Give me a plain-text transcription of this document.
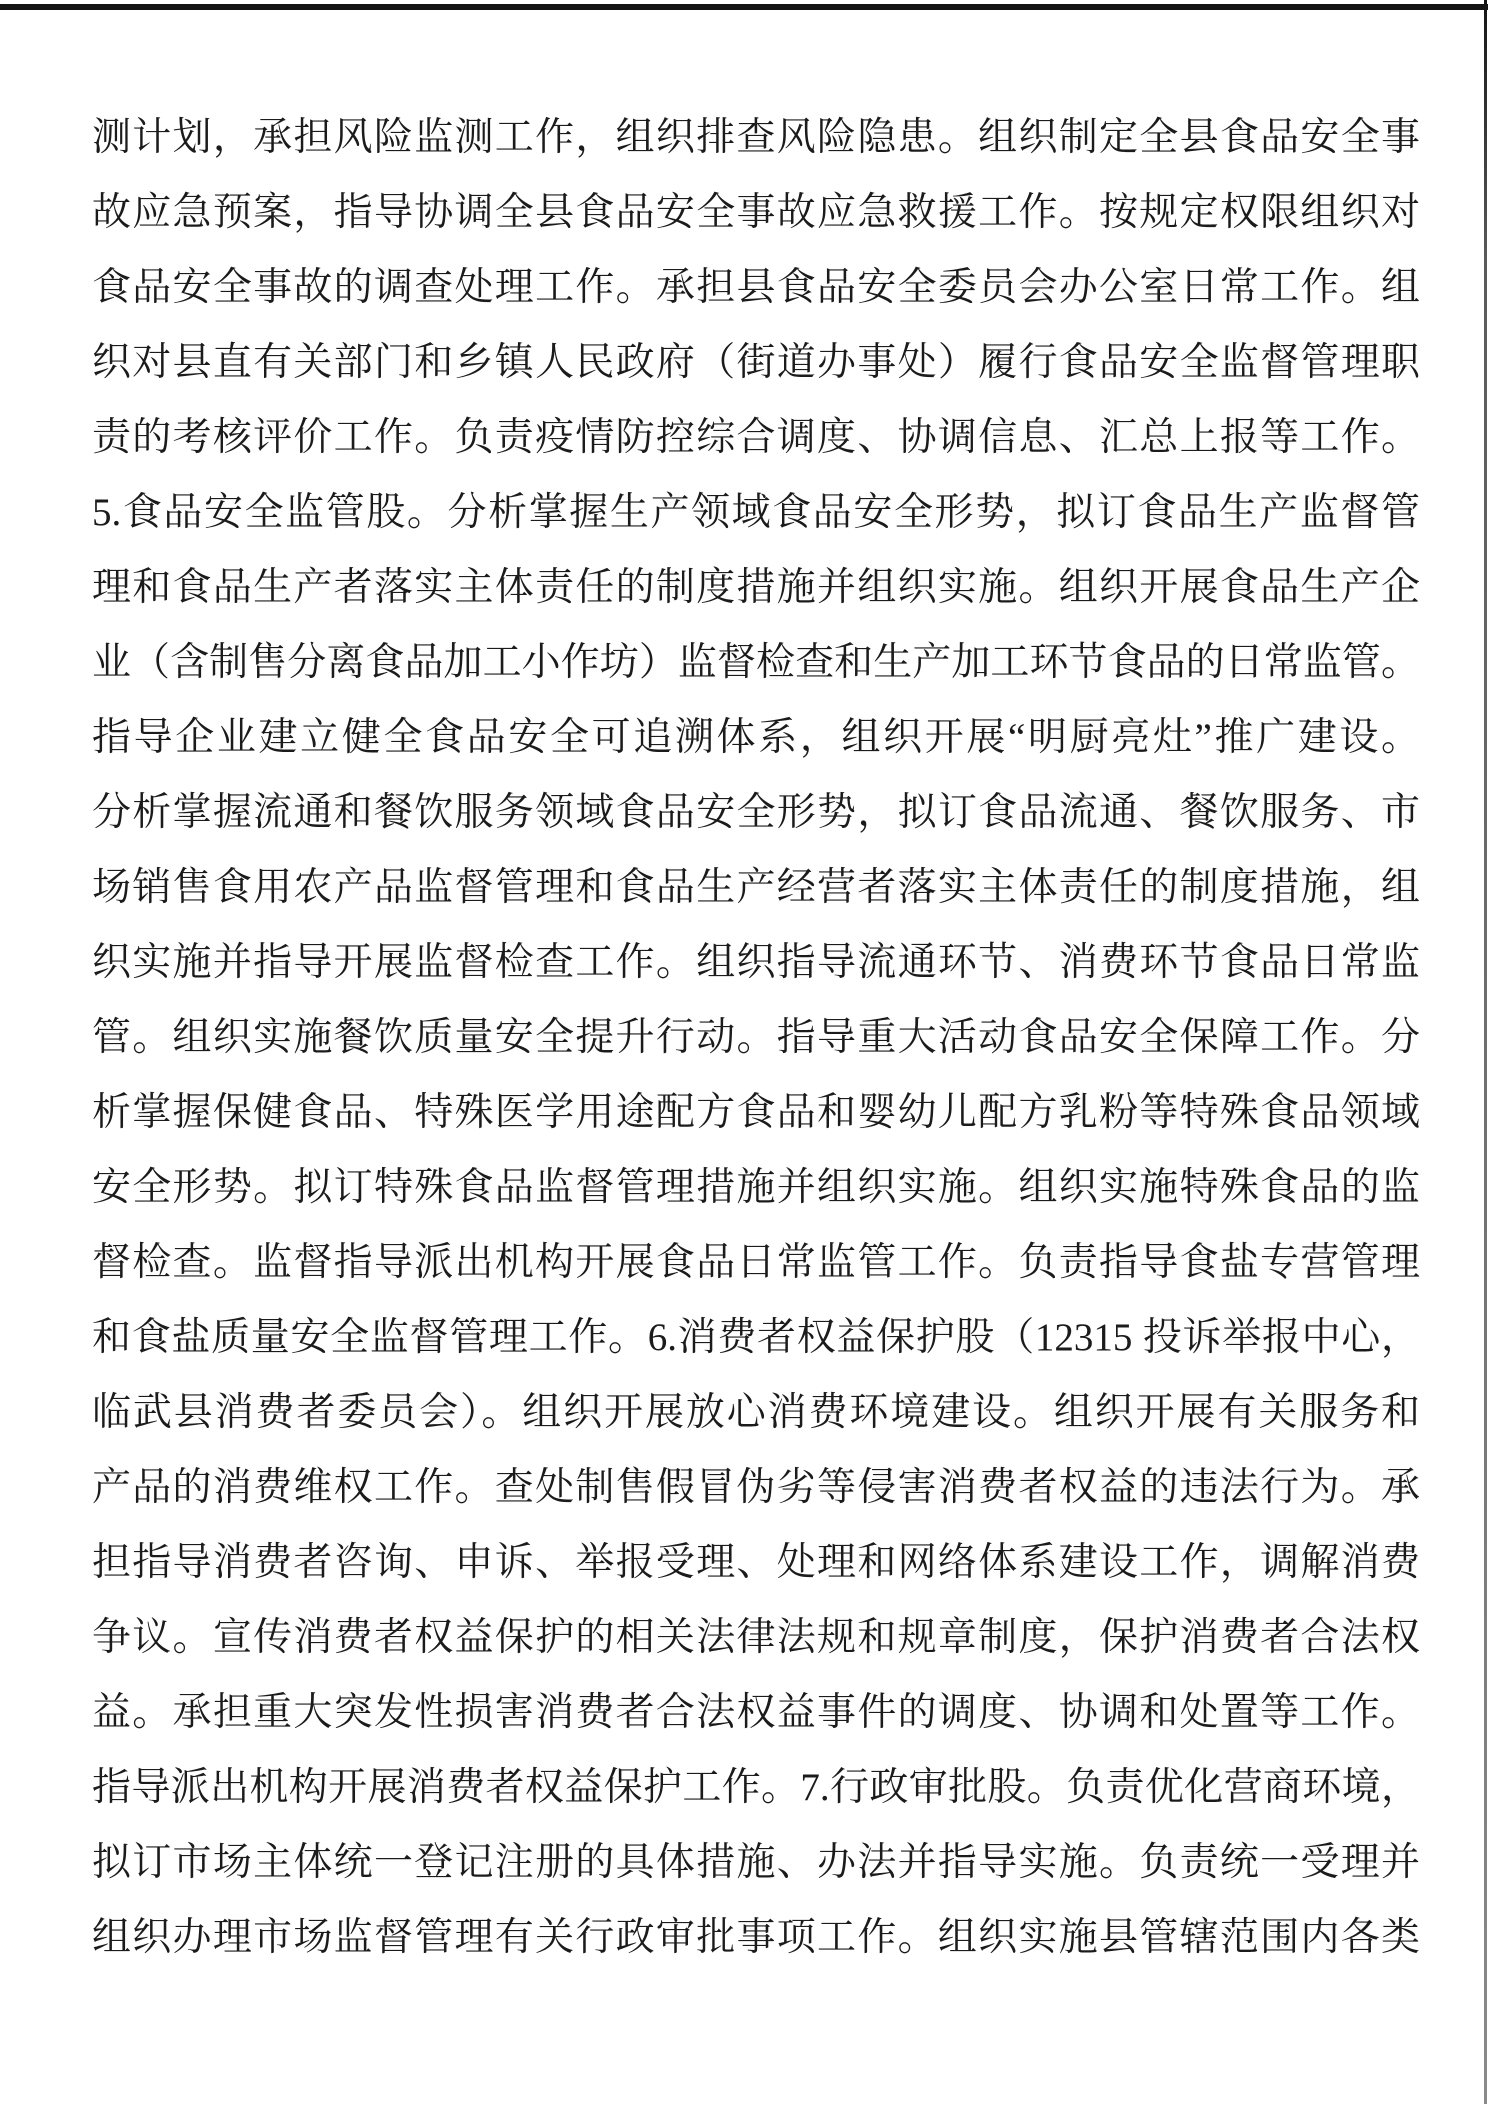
测计划，承担风险监测工作，组织排查风险隐患。组织制定全县食品安全事
故应急预案，指导协调全县食品安全事故应急救援工作。按规定权限组织对
食品安全事故的调查处理工作。承担县食品安全委员会办公室日常工作。组
织对县直有关部门和乡镇人民政府（街道办事处）履行食品安全监督管理职
责的考核评价工作。负责疫情防控综合调度、协调信息、汇总上报等工作。
5.食品安全监管股。分析掌握生产领域食品安全形势，拟订食品生产监督管
理和食品生产者落实主体责任的制度措施并组织实施。组织开展食品生产企
业（含制售分离食品加工小作坊）监督检查和生产加工环节食品的日常监管。
指导企业建立健全食品安全可追溯体系，组织开展“明厨亮灶”推广建设。
分析掌握流通和餐饮服务领域食品安全形势，拟订食品流通、餐饮服务、市
场销售食用农产品监督管理和食品生产经营者落实主体责任的制度措施，组
织实施并指导开展监督检查工作。组织指导流通环节、消费环节食品日常监
管。组织实施餐饮质量安全提升行动。指导重大活动食品安全保障工作。分
析掌握保健食品、特殊医学用途配方食品和婴幼儿配方乳粉等特殊食品领域
安全形势。拟订特殊食品监督管理措施并组织实施。组织实施特殊食品的监
督检查。监督指导派出机构开展食品日常监管工作。负责指导食盐专营管理
和食盐质量安全监督管理工作。6.消费者权益保护股（12315 投诉举报中心，
临武县消费者委员会）。组织开展放心消费环境建设。组织开展有关服务和
产品的消费维权工作。查处制售假冒伪劣等侵害消费者权益的违法行为。承
担指导消费者咨询、申诉、举报受理、处理和网络体系建设工作，调解消费
争议。宣传消费者权益保护的相关法律法规和规章制度，保护消费者合法权
益。承担重大突发性损害消费者合法权益事件的调度、协调和处置等工作。
指导派出机构开展消费者权益保护工作。7.行政审批股。负责优化营商环境，
拟订市场主体统一登记注册的具体措施、办法并指导实施。负责统一受理并
组织办理市场监督管理有关行政审批事项工作。组织实施县管辖范围内各类
